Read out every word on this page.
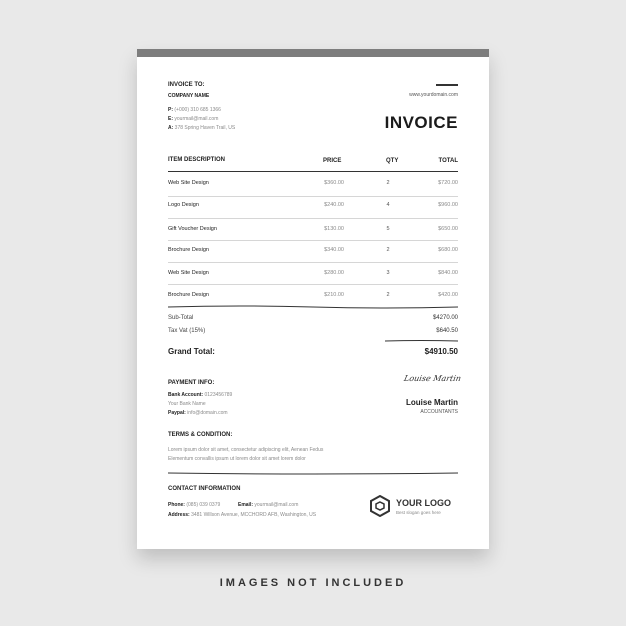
INVOICE TO:
COMPANY NAME
P: (+000) 310 685 1366
E: yourmail@mail.com
A: 378 Spring Haven Trail, US
www.yourdomain.com
INVOICE
ITEM DESCRIPTION	PRICE	QTY	TOTAL
Web Site Design	$360.00	2	$720.00
Logo Design	$240.00	4	$960.00
Gift Voucher Design	$130.00	5	$650.00
Brochure Design	$340.00	2	$680.00
Web Site Design	$280.00	3	$840.00
Brochure Design	$210.00	2	$420.00
Sub-Total	$4270.00
Tax Vat (15%)	$640.50
Grand Total:	$4910.50
PAYMENT INFO:
Bank Account: 0123456789
Your Bank Name
Paypal: info@domain.com
Louise Martin
Louise Martin
ACCOUNTANTS
TERMS & CONDITION:
Lorem ipsum dolor sit amet, consectetur adipiscing elit, Aenean Fedus
Elementum convallis ipsum ut lorem dolor sit amet lorem dolor
CONTACT INFORMATION
Phone: (085) 039 0379	Email: yourmail@mail.com
Address: 3481 Willson Avenue, MCCHORD AFB, Washington, US
YOUR LOGO
Best slogan goes here
IMAGES NOT INCLUDED
